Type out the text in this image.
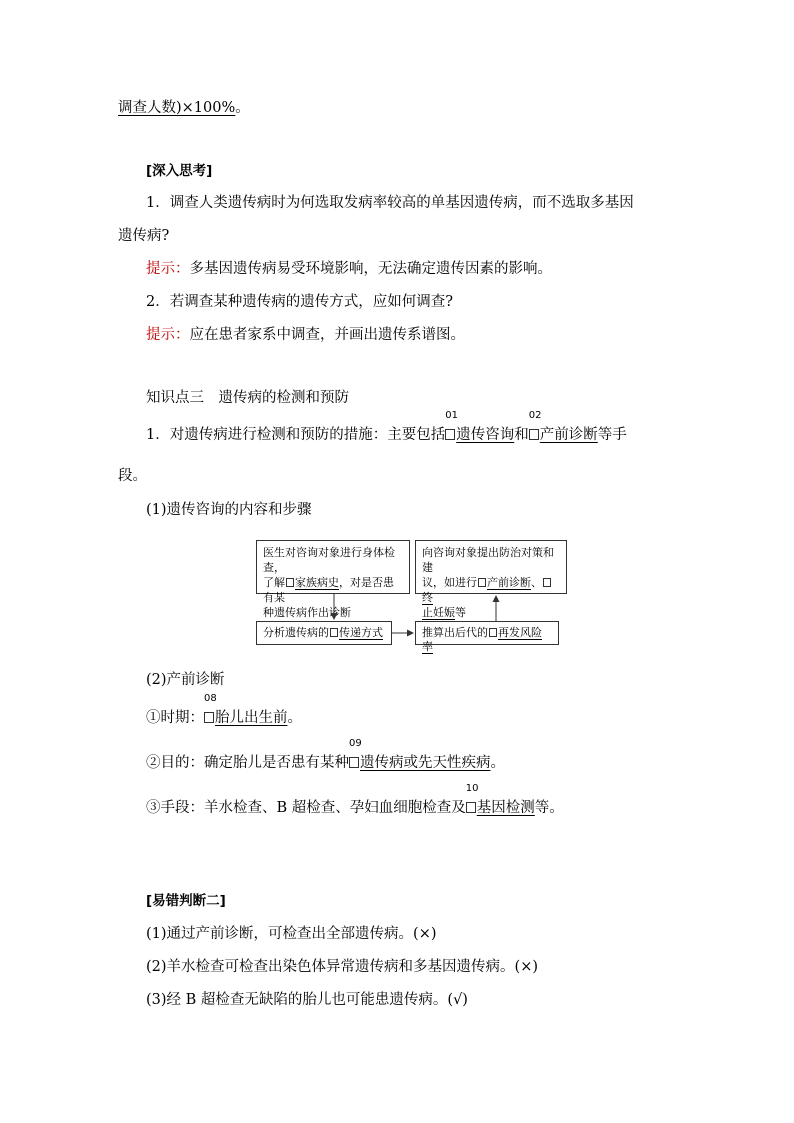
调查人数)×100%。
[深入思考]
1．调查人类遗传病时为何选取发病率较高的单基因遗传病，而不选取多基因
遗传病?
提示：多基因遗传病易受环境影响，无法确定遗传因素的影响。
2．若调查某种遗传病的遗传方式，应如何调查?
提示：应在患者家系中调查，并画出遗传系谱图。
知识点三　遗传病的检测和预防
1．对遗传病进行检测和预防的措施：主要包括
01
遗传咨询和
02
产前诊断等手
段。
(1)遗传咨询的内容和步骤
医生对咨询对象进行身体检查，
了解 家族病史，对是否患有某
种遗传病作出诊断
向咨询对象提出防治对策和建
议，如进行 产前诊断、终
止妊娠等
分析遗传病的 传递方式	推算出后代的 再发风险率
(2)产前诊断
①时期：
08
胎儿出生前。
②目的：确定胎儿是否患有某种
09
遗传病或先天性疾病。
③手段：羊水检查、B 超检查、孕妇血细胞检查及
10
基因检测等。
[易错判断二]
(1)通过产前诊断，可检查出全部遗传病。(×)
(2)羊水检查可检查出染色体异常遗传病和多基因遗传病。(×)
(3)经 B 超检查无缺陷的胎儿也可能患遗传病。(√)
